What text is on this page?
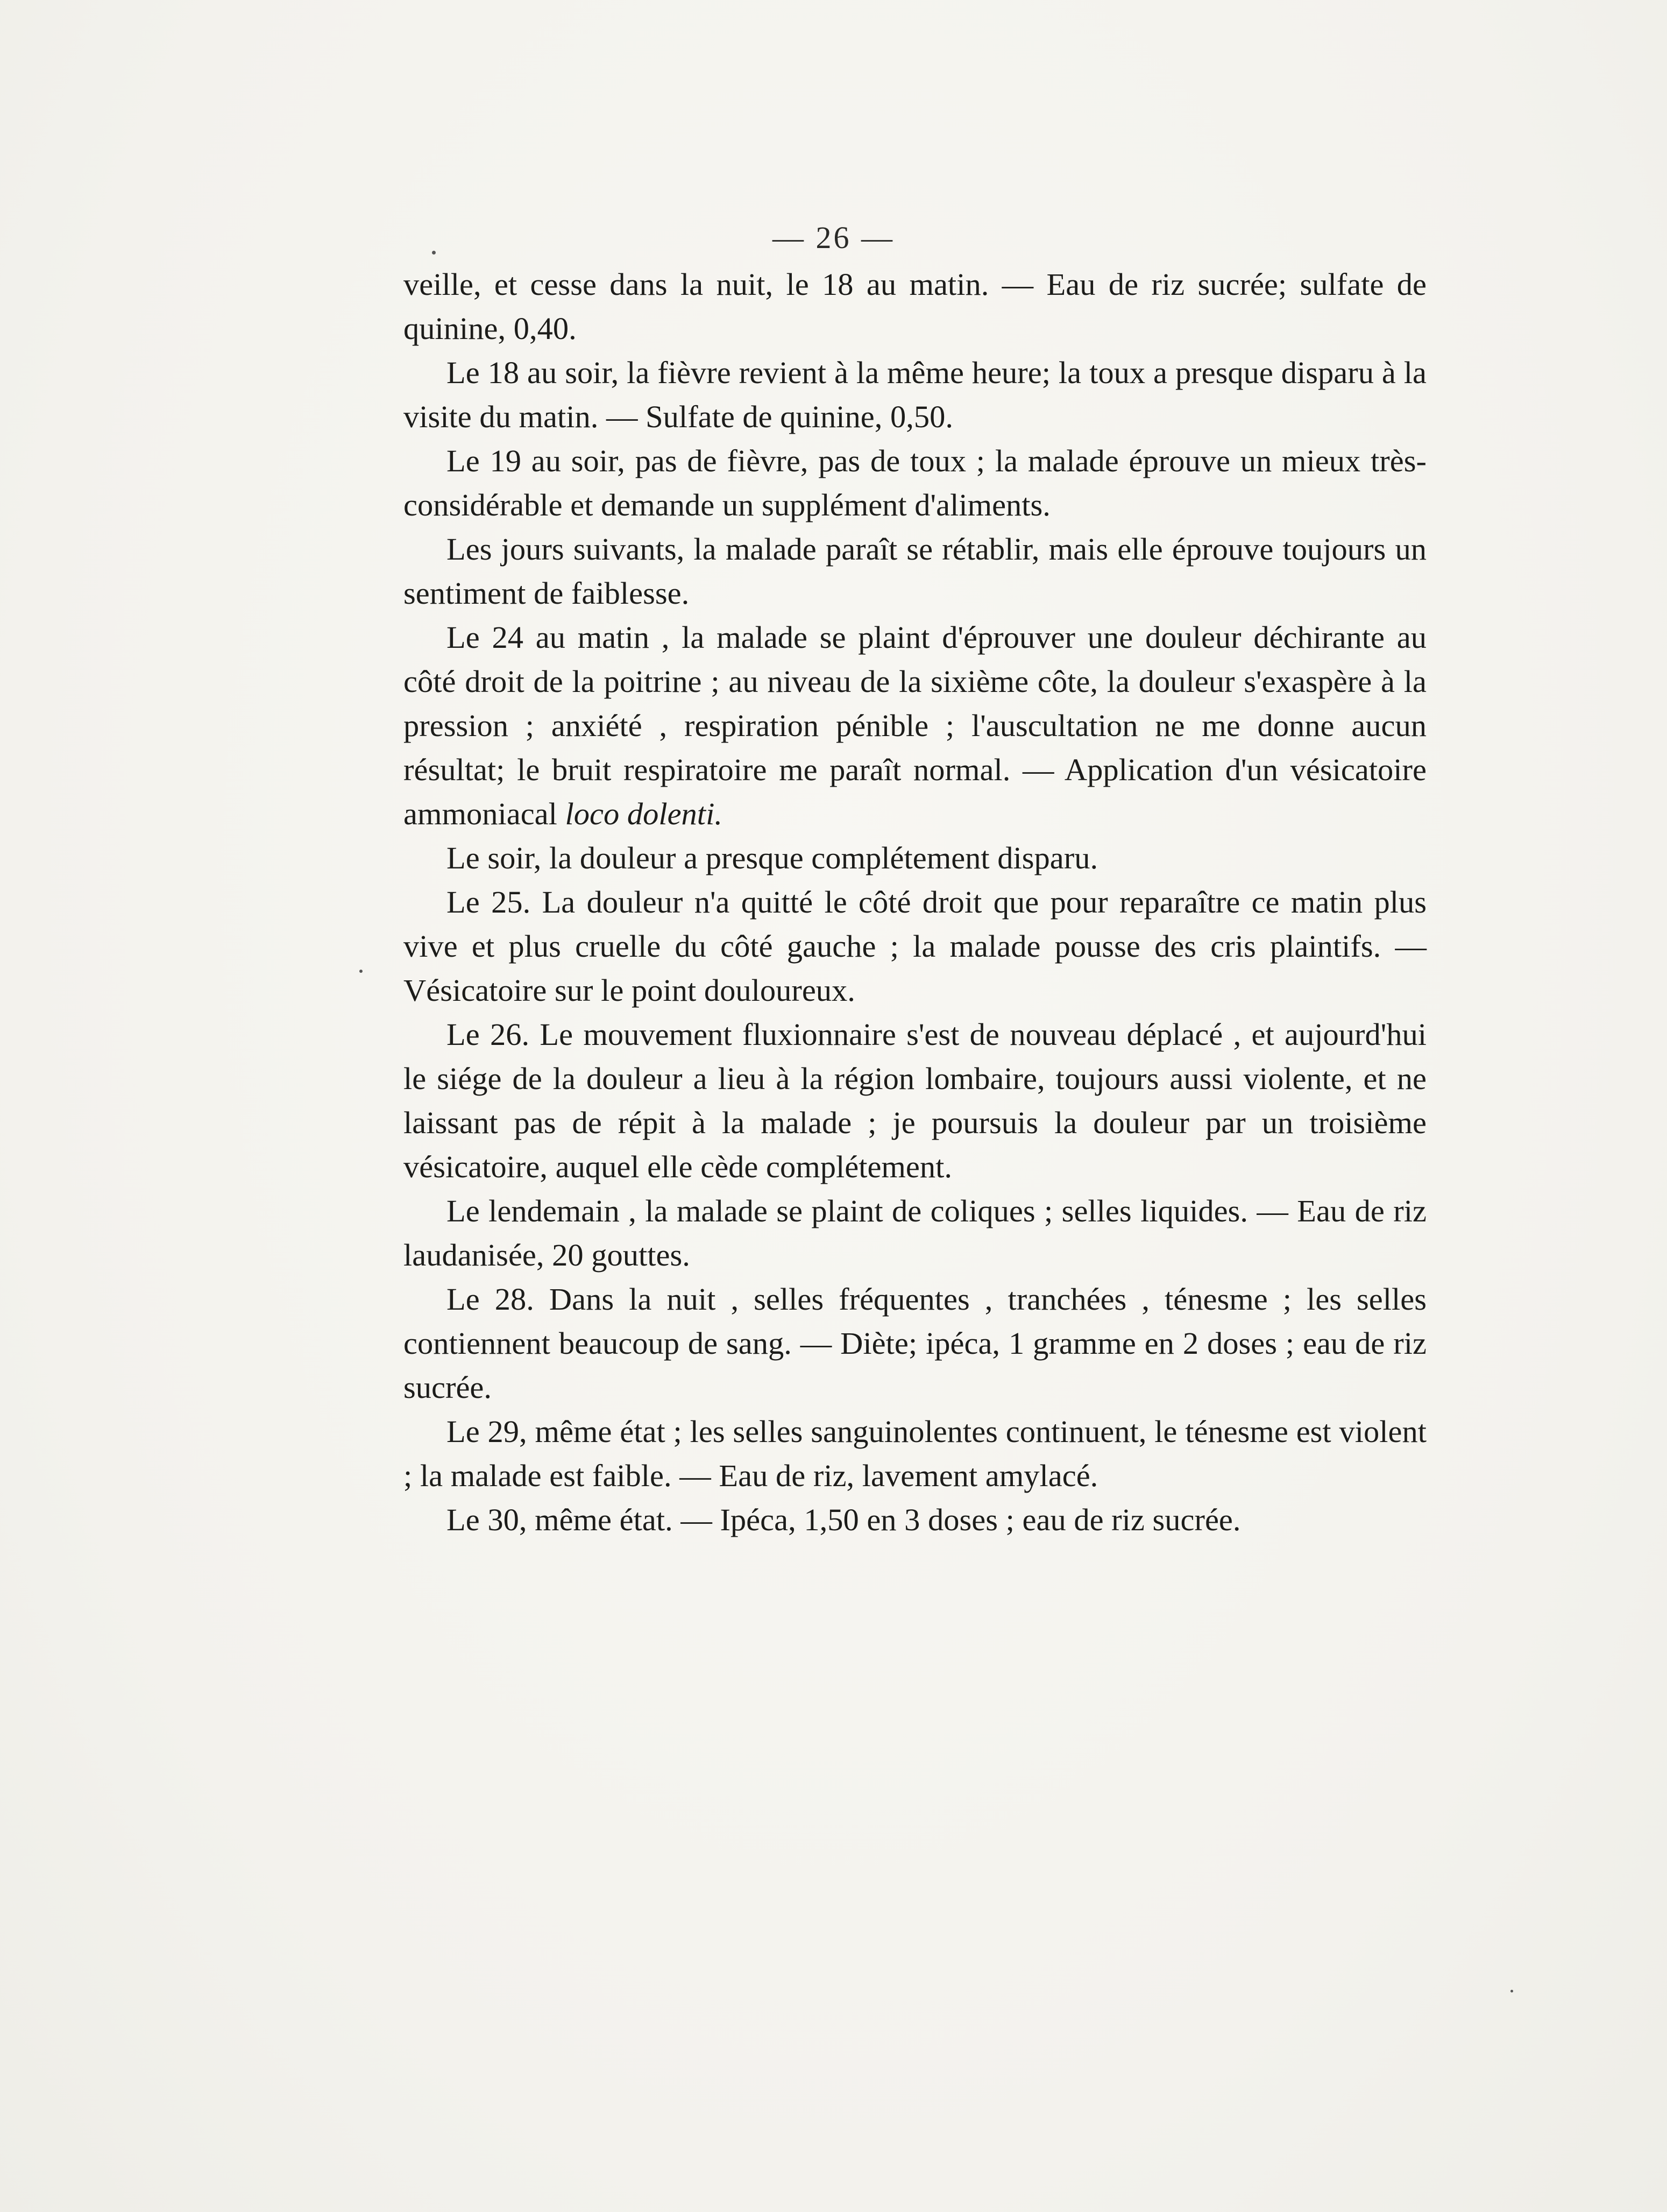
— 26 —

veille, et cesse dans la nuit, le 18 au matin. — Eau de riz sucrée; sulfate de quinine, 0,40.

Le 18 au soir, la fièvre revient à la même heure; la toux a presque disparu à la visite du matin. — Sulfate de quinine, 0,50.

Le 19 au soir, pas de fièvre, pas de toux ; la malade éprouve un mieux très-considérable et demande un supplément d'aliments.

Les jours suivants, la malade paraît se rétablir, mais elle éprouve toujours un sentiment de faiblesse.

Le 24 au matin , la malade se plaint d'éprouver une douleur déchirante au côté droit de la poitrine ; au niveau de la sixième côte, la douleur s'exaspère à la pression ; anxiété , respiration pénible ; l'auscultation ne me donne aucun résultat; le bruit respiratoire me paraît normal. — Application d'un vésicatoire ammoniacal loco dolenti.

Le soir, la douleur a presque complétement disparu.

Le 25. La douleur n'a quitté le côté droit que pour reparaître ce matin plus vive et plus cruelle du côté gauche ; la malade pousse des cris plaintifs. — Vésicatoire sur le point douloureux.

Le 26. Le mouvement fluxionnaire s'est de nouveau déplacé , et aujourd'hui le siége de la douleur a lieu à la région lombaire, toujours aussi violente, et ne laissant pas de répit à la malade ; je poursuis la douleur par un troisième vésicatoire, auquel elle cède complétement.

Le lendemain , la malade se plaint de coliques ; selles liquides. — Eau de riz laudanisée, 20 gouttes.

Le 28. Dans la nuit , selles fréquentes , tranchées , ténesme ; les selles contiennent beaucoup de sang. — Diète; ipéca, 1 gramme en 2 doses ; eau de riz sucrée.

Le 29, même état ; les selles sanguinolentes continuent, le ténesme est violent ; la malade est faible. — Eau de riz, lavement amylacé.

Le 30, même état. — Ipéca, 1,50 en 3 doses ; eau de riz sucrée.
